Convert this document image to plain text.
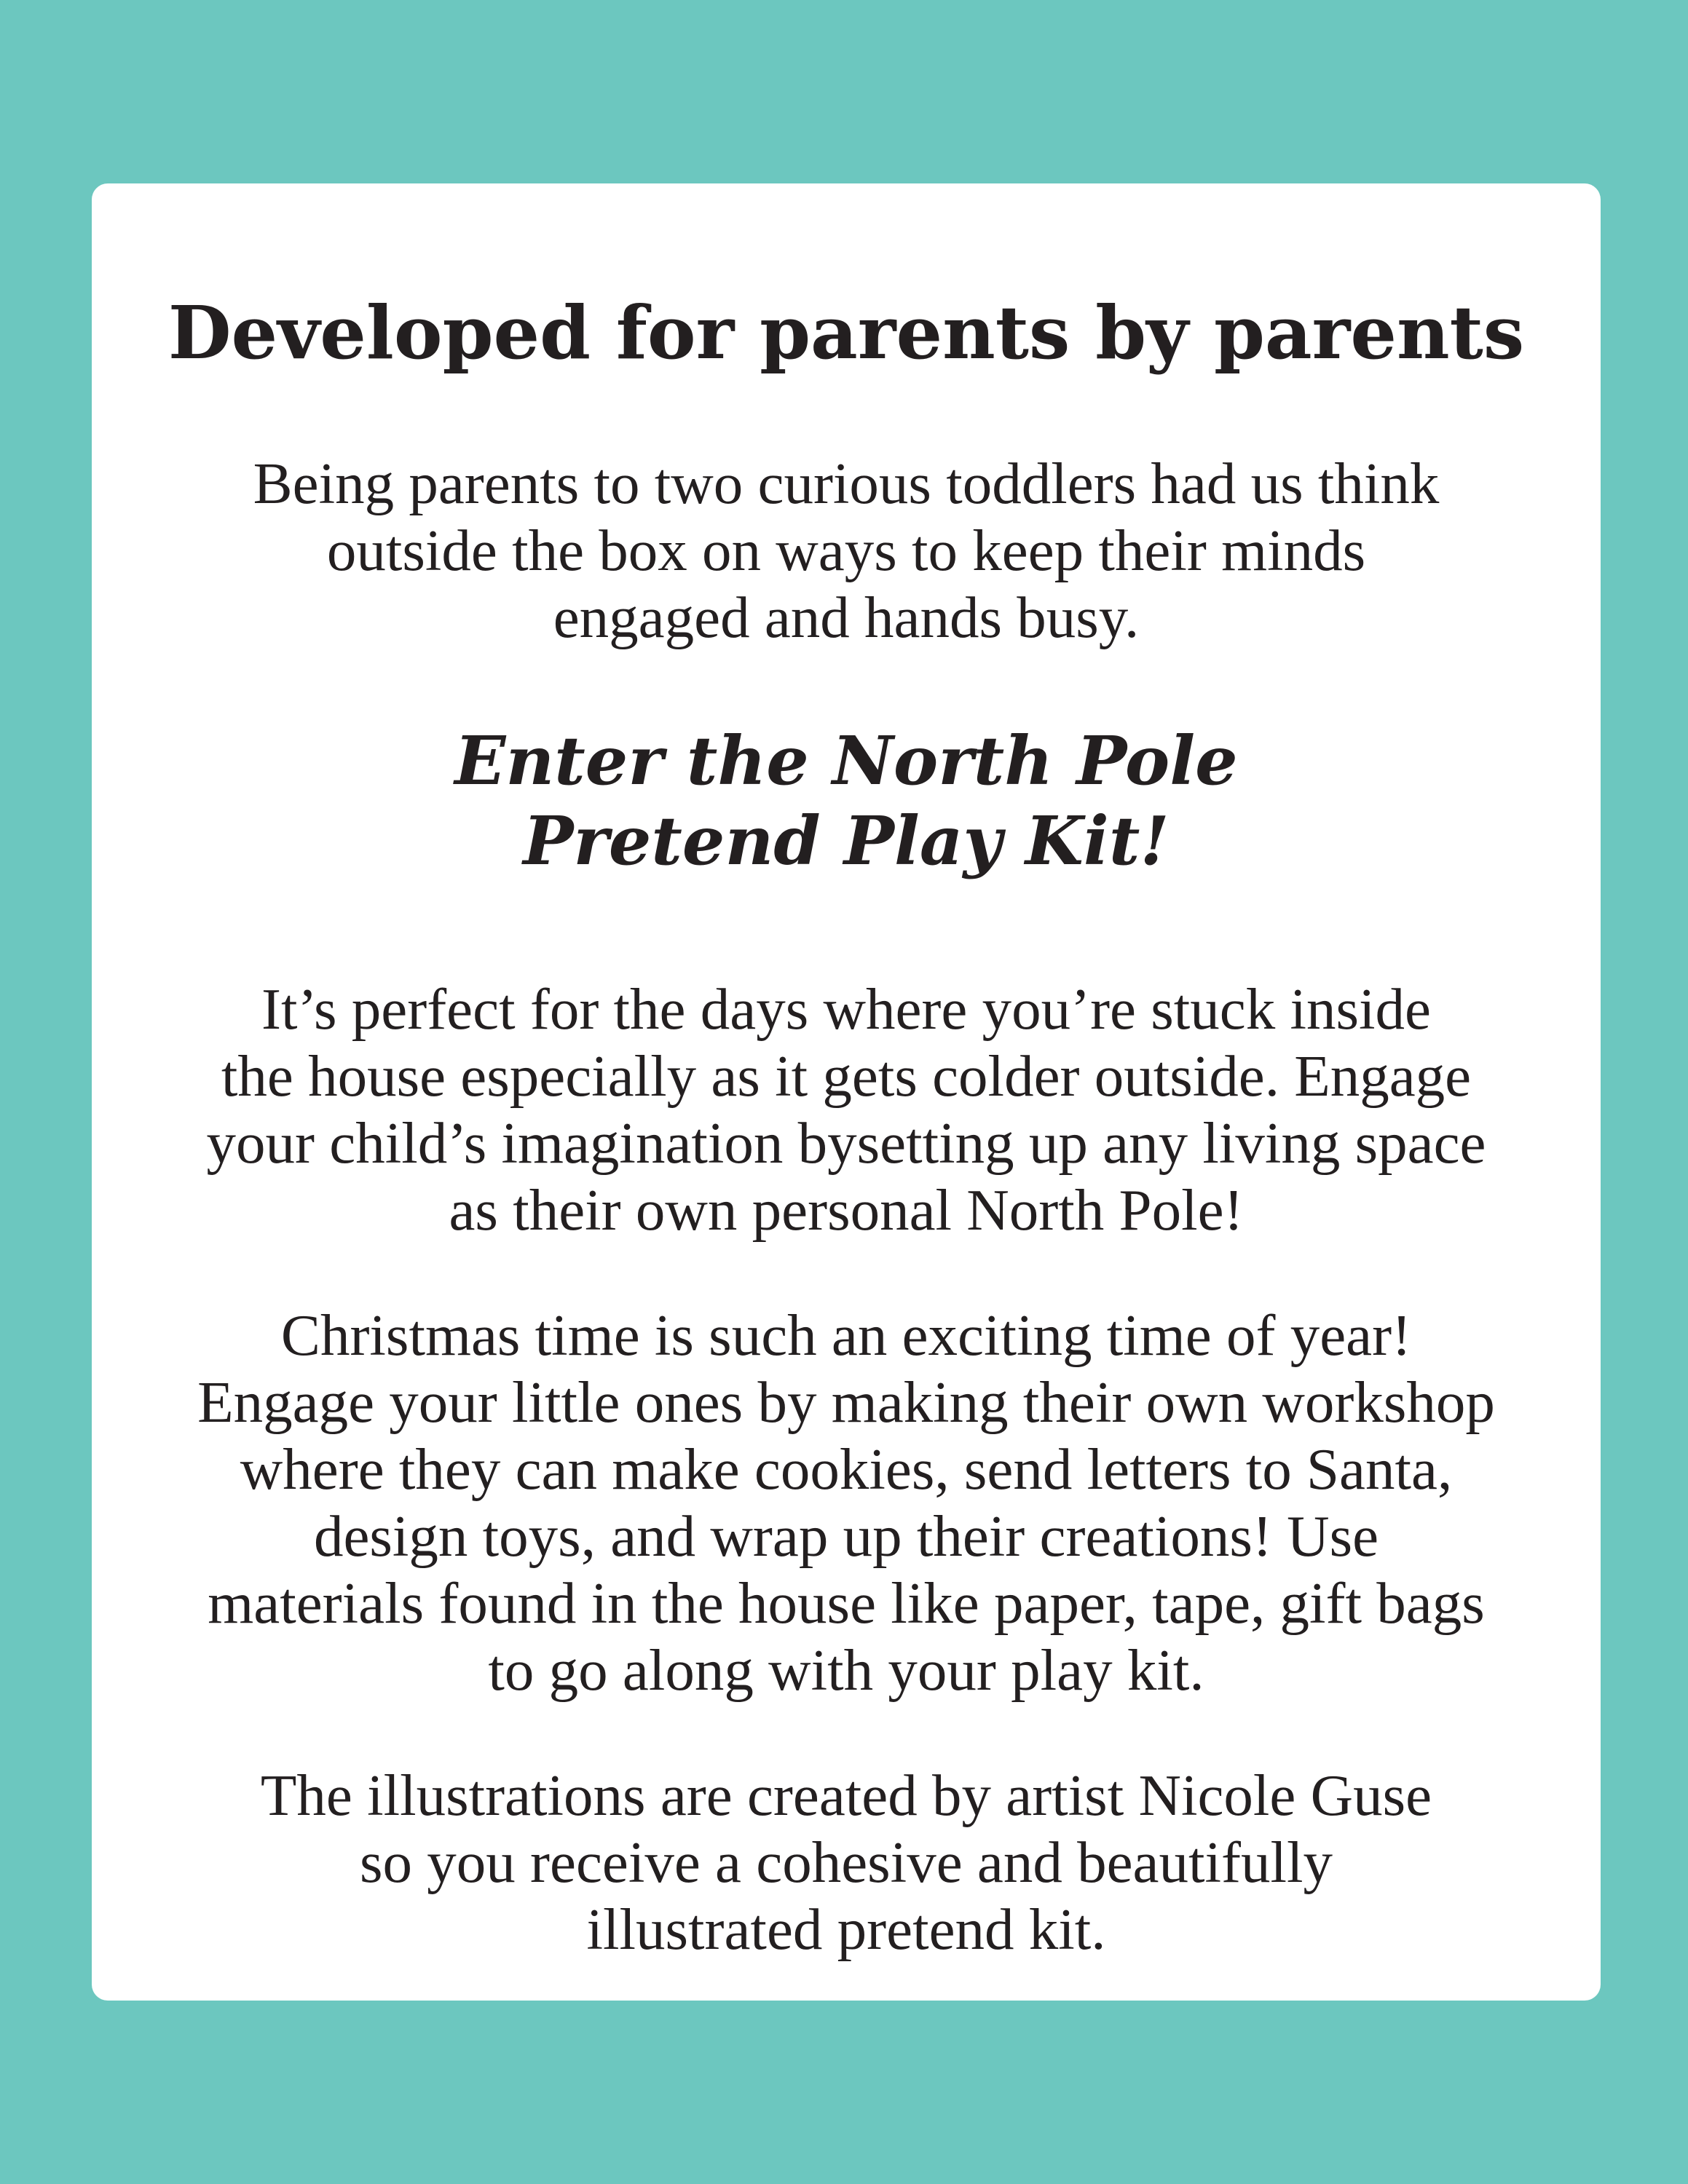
Developed for parents by parents

Being parents to two curious toddlers had us think
outside the box on ways to keep their minds
engaged and hands busy.

Enter the North Pole
Pretend Play Kit!

It’s perfect for the days where you’re stuck inside
the house especially as it gets colder outside. Engage
your child’s imagination bysetting up any living space
as their own personal North Pole!

Christmas time is such an exciting time of year!
Engage your little ones by making their own workshop
where they can make cookies, send letters to Santa,
design toys, and wrap up their creations! Use
materials found in the house like paper, tape, gift bags
to go along with your play kit.

The illustrations are created by artist Nicole Guse
so you receive a cohesive and beautifully
illustrated pretend kit.
